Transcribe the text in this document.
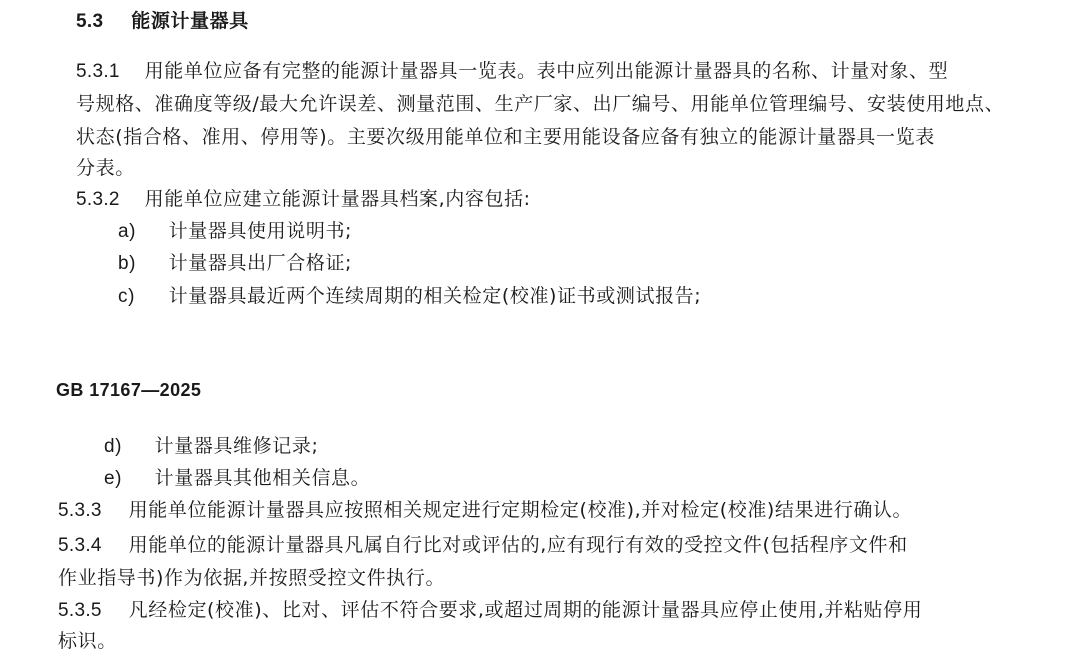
5.3 能源计量器具
5.3.1 用能单位应备有完整的能源计量器具一览表。表中应列出能源计量器具的名称、计量对象、型
号规格、准确度等级/最大允许误差、测量范围、生产厂家、出厂编号、用能单位管理编号、安装使用地点、
状态(指合格、准用、停用等)。主要次级用能单位和主要用能设备应备有独立的能源计量器具一览表
分表。
5.3.2 用能单位应建立能源计量器具档案,内容包括:
a) 计量器具使用说明书;
b) 计量器具出厂合格证;
c) 计量器具最近两个连续周期的相关检定(校准)证书或测试报告;
GB 17167—2025
d) 计量器具维修记录;
e) 计量器具其他相关信息。
5.3.3 用能单位能源计量器具应按照相关规定进行定期检定(校准),并对检定(校准)结果进行确认。
5.3.4 用能单位的能源计量器具凡属自行比对或评估的,应有现行有效的受控文件(包括程序文件和
作业指导书)作为依据,并按照受控文件执行。
5.3.5 凡经检定(校准)、比对、评估不符合要求,或超过周期的能源计量器具应停止使用,并粘贴停用
标识。
